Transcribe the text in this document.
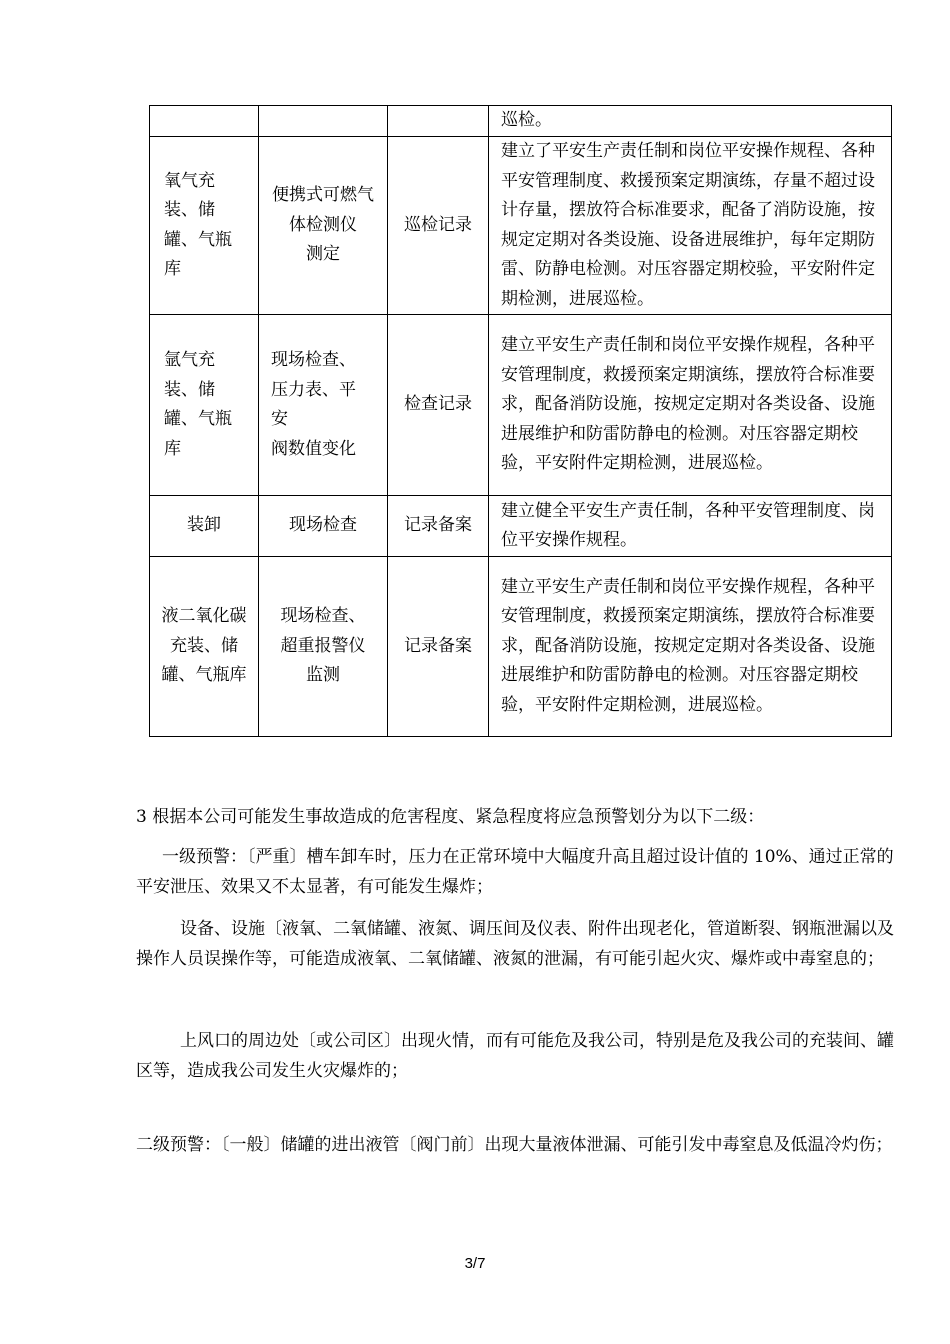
			巡检。

氧气充
装、储
罐、气瓶
库	便携式可燃气
体检测仪
测定	巡检记录	建立了平安生产责任制和岗位平安操作规程、各种平安管理制度、救援预案定期演练，存量不超过设计存量，摆放符合标准要求，配备了消防设施，按规定定期对各类设施、设备进展维护，每年定期防雷、防静电检测。对压容器定期校验，平安附件定期检测，进展巡检。

氩气充
装、储
罐、气瓶
库	现场检查、
压力表、平
安
阀数值变化	检查记录	建立平安生产责任制和岗位平安操作规程，各种平安管理制度，救援预案定期演练，摆放符合标准要求，配备消防设施，按规定定期对各类设备、设施进展维护和防雷防静电的检测。对压容器定期校验，平安附件定期检测，进展巡检。
装卸	现场检查	记录备案	建立健全平安生产责任制，各种平安管理制度、岗位平安操作规程。

液二氧化碳
充装、储
罐、气瓶库	现场检查、
超重报警仪
监测	记录备案	建立平安生产责任制和岗位平安操作规程，各种平安管理制度，救援预案定期演练，摆放符合标准要求，配备消防设施，按规定定期对各类设备、设施进展维护和防雷防静电的检测。对压容器定期校验，平安附件定期检测，进展巡检。

3 根据本公司可能发生事故造成的危害程度、紧急程度将应急预警划分为以下二级：

一级预警：〔严重〕槽车卸车时，压力在正常环境中大幅度升高且超过设计值的 10%、通过正常的平安泄压、效果又不太显著，有可能发生爆炸；

设备、设施〔液氧、二氧储罐、液氮、调压间及仪表、附件出现老化，管道断裂、钢瓶泄漏以及操作人员误操作等，可能造成液氧、二氧储罐、液氮的泄漏，有可能引起火灾、爆炸或中毒窒息的；

上风口的周边处〔或公司区〕出现火情，而有可能危及我公司，特别是危及我公司的充装间、罐区等，造成我公司发生火灾爆炸的；

二级预警：〔一般〕储罐的进出液管〔阀门前〕出现大量液体泄漏、可能引发中毒窒息及低温冷灼伤；

3/7
